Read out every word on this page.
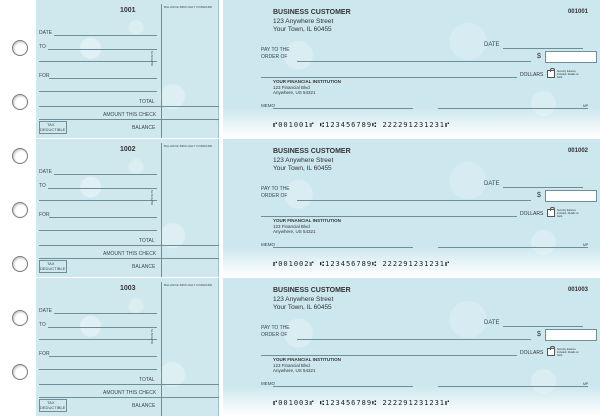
1001	BALANCE BROUGHT FORWARD
DATE
TO
FOR
DEPOSITS
TOTAL
AMOUNT THIS CHECK
TAX
DEDUCTIBLE	BALANCE
BUSINESS CUSTOMER
123 Anywhere Street
Your Town, IL 60455
001001
DATE
PAY TO THE
ORDER OF	$
DOLLARS
Security features included. Details on back.
YOUR FINANCIAL INSTITUTION
123 Financial Blvd
Anywhere, US 54321
MEMO	MP
⑈001001⑈ ⑆123456789⑆ 222291231231⑈
1002	BALANCE BROUGHT FORWARD
DATE
TO
FOR
DEPOSITS
TOTAL
AMOUNT THIS CHECK
TAX
DEDUCTIBLE	BALANCE
BUSINESS CUSTOMER
123 Anywhere Street
Your Town, IL 60455
001002
DATE
PAY TO THE
ORDER OF	$
DOLLARS
Security features included. Details on back.
YOUR FINANCIAL INSTITUTION
123 Financial Blvd
Anywhere, US 54321
MEMO	MP
⑈001002⑈ ⑆123456789⑆ 222291231231⑈
1003	BALANCE BROUGHT FORWARD
DATE
TO
FOR
DEPOSITS
TOTAL
AMOUNT THIS CHECK
TAX
DEDUCTIBLE	BALANCE
BUSINESS CUSTOMER
123 Anywhere Street
Your Town, IL 60455
001003
DATE
PAY TO THE
ORDER OF	$
DOLLARS
Security features included. Details on back.
YOUR FINANCIAL INSTITUTION
123 Financial Blvd
Anywhere, US 54321
MEMO	MP
⑈001003⑈ ⑆123456789⑆ 222291231231⑈
